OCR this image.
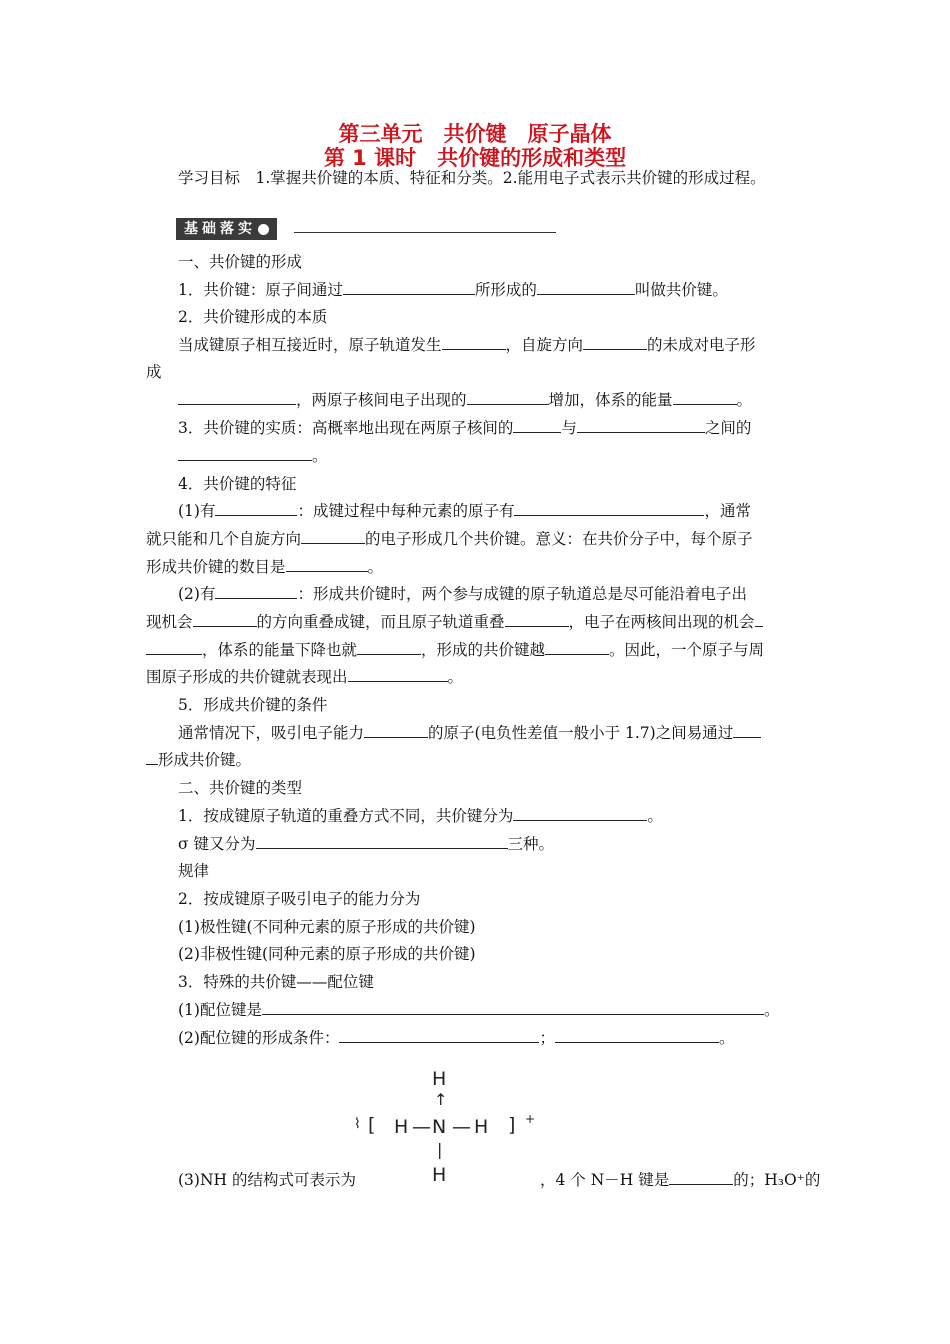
第三单元　共价键　原子晶体
第 1 课时　共价键的形成和类型
学习目标　1.掌握共价键的本质、特征和分类。2.能用电子式表示共价键的形成过程。
基础落实
一、共价键的形成
1．共价键：原子间通过	所形成的	叫做共价键。
2．共价键形成的本质
当成键原子相互接近时，原子轨道发生	，自旋方向	的未成对电子形
成
，两原子核间电子出现的	增加，体系的能量	。
3．共价键的实质：高概率地出现在两原子核间的	与	之间的
。
4．共价键的特征
(1)有	：成键过程中每种元素的原子有	，通常
就只能和几个自旋方向	的电子形成几个共价键。意义：在共价分子中，每个原子
形成共价键的数目是	。
(2)有	：形成共价键时，两个参与成键的原子轨道总是尽可能沿着电子出
现机会	的方向重叠成键，而且原子轨道重叠	，电子在两核间出现的机会
，体系的能量下降也就	，形成的共价键越	。因此，一个原子与周
围原子形成的共价键就表现出	。
5．形成共价键的条件
通常情况下，吸引电子能力	的原子(电负性差值一般小于 1.7)之间易通过
形成共价键。
二、共价键的类型
1．按成键原子轨道的重叠方式不同，共价键分为	。
σ 键又分为	三种。
规律
2．按成键原子吸引电子的能力分为
(1)极性键(不同种元素的原子形成的共价键)
(2)非极性键(同种元素的原子形成的共价键)
3．特殊的共价键——配位键
(1)配位键是	。
(2)配位键的形成条件：	；	。
H
↑
⌇ [ H — N — H ] +
|
H
(3)NH 的结构式可表示为	，4 个 N－H 键是	的；H₃O⁺的
